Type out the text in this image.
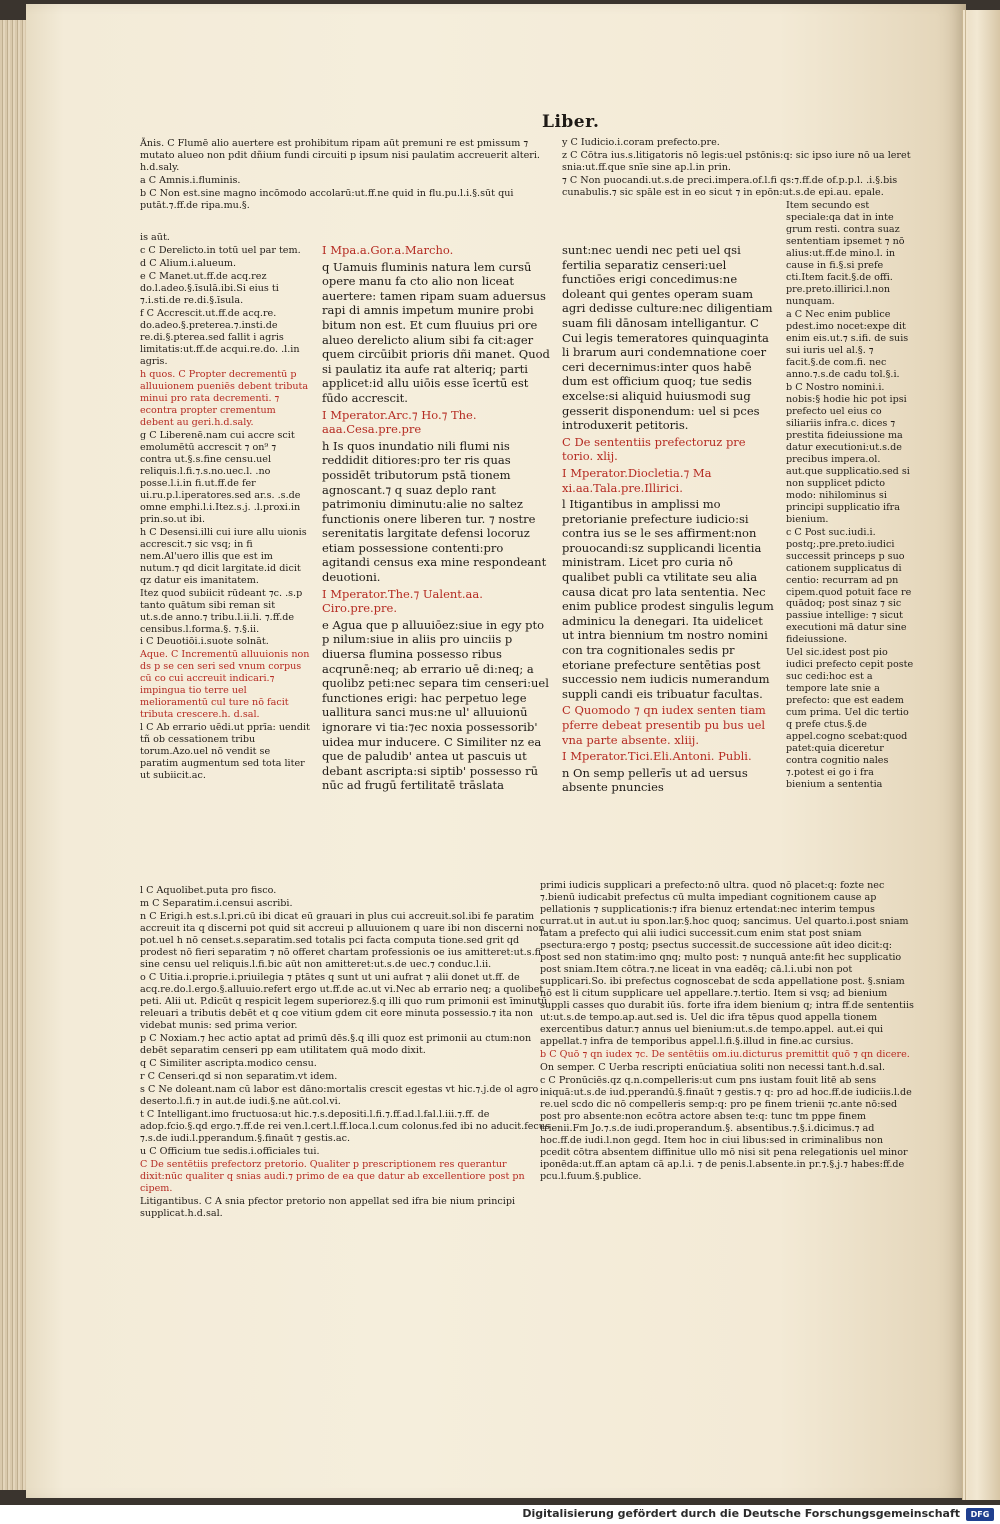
Liber.

Ãnis. C Flumē alio auertere est prohibitum ripam aūt premuni re est pmissum ⁊ mutato alueo non pdit dñium fundi circuiti p ipsum nisi paulatim accreuerit alteri. h.d.saly.

a C Amnis.i.fluminis.

b C Non est.sine magno incōmodo accolarū:ut.ff.ne quid in flu.pu.l.i.§.sūt qui putāt.⁊.ff.de ripa.mu.§.

y C Iudicio.i.coram prefecto.pre.

z C Cōtra ius.s.litigatoris nō legis:uel pstōnis:q: sic ipso iure nō ua leret snia:ut.ff.que snīe sine ap.l.in prin.

⁊ C Non puocandi.ut.s.de preci.impera.of.l.fi qs:⁊.ff.de of.p.p.l. .i.§.bis cunabulis.⁊ sic spāle est in eo sicut ⁊ in epōn:ut.s.de epi.au. epale.

is aūt.

c C Derelicto.in totū uel par tem.

d C Alium.i.alueum.

e C Manet.ut.ff.de acq.rez do.l.adeo.§.īsulā.ibi.Si eius ti ⁊.i.sti.de re.di.§.īsula.

f C Accrescit.ut.ff.de acq.re. do.adeo.§.preterea.⁊.insti.de re.di.§.pterea.sed fallit i agris limitatis:ut.ff.de acqui.re.do. .l.in agris.

h quos. C Propter decrementū p alluuionem pueniēs debent tributa minui pro rata decrementi. ⁊ econtra propter crementum debent au geri.h.d.saly.

g C Liberenē.nam cui accre scit emolumētū accrescit ⁊ on⁹ ⁊ contra ut.§.s.fine censu.uel reliquis.l.fi.⁊.s.no.uec.l. .no posse.l.i.in fi.ut.ff.de fer ui.ru.p.l.iperatores.sed ar.s. .s.de omne emphi.l.i.Itez.s.j. .l.proxi.in prin.so.ut ibi.

h C Desensi.illi cui iure allu uionis accrescit.⁊ sic vsq; in fi nem.Al'uero illis que est im nutum.⁊ qd dicit largitate.id dicit qz datur eis imanitatem.

Itez quod subiicit rūdeant ⁊c. .s.p tanto quātum sibi reman sit ut.s.de anno.⁊ tribu.l.ii.li. ⁊.ff.de censibus.l.forma.§. ⁊.§.ii.

i C Deuotiōi.i.suote solnāt.

Aque. C Incrementū alluuionis non ds p se cen seri sed vnum corpus cū co cui accreuit indicari.⁊ impingua tio terre uel melioramentū cul ture nō facit tributa crescere.h. d.sal.

l C Ab errario uēdi.ut pprīa: uendit tñ ob cessationem tribu torum.Azo.uel nō vendit se paratim augmentum sed tota liter ut subiicit.ac.

I Mpa.a.Gor.a.Marcho.

q Uamuis fluminis natura lem cursū opere manu fa cto alio non liceat auertere: tamen ripam suam aduersus rapi di amnis impetum munire probi bitum non est. Et cum fluuius pri ore alueo derelicto alium sibi fa cit:ager quem circūibit prioris dñi manet. Quod si paulatiz ita aufe rat alteriq; parti applicet:id allu uiōis esse īcertū est fūdo accrescit.

I Mperator.Arc.⁊ Ho.⁊ The. aaa.Cesa.pre.pre

h Is quos inundatio nili flumi nis reddidit ditiores:pro ter ris quas possidēt tributorum pstā tionem agnoscant.⁊ q suaz deplo rant patrimoniu diminutu:alie no saltez functionis onere liberen tur. ⁊ nostre serenitatis largitate defensi locoruz etiam possessione contenti:pro agitandi census exa mine respondeant deuotioni.

I Mperator.The.⁊ Ualent.aa. Ciro.pre.pre.

e Agua que p alluuiōez:siue in egy pto p nilum:siue in aliis pro uinciis p diuersa flumina possesso ribus acqrunē:neq; ab errario uē di:neq; a quolibz peti:nec separa tim censeri:uel functiones erigi: hac perpetuo lege uallitura sanci mus:ne ul' alluuionū ignorare vi tia:⁊ec noxia possessorib' uidea mur inducere. C Similiter nz ea que de paludib' antea ut pascuis ut debant ascripta:si siptib' possesso rū nūc ad frugū fertilitatē trāslata

sunt:nec uendi nec peti uel qsi fertilia separatiz censeri:uel functiōes erigi concedimus:ne doleant qui gentes operam suam agri dedisse culture:nec diligentiam suam fili dānosam intelligantur. C Cui legis temeratores quinquaginta li brarum auri condemnatione coer ceri decernimus:inter quos habē dum est officium quoq; tue sedis excelse:si aliquid huiusmodi sug gesserit disponendum: uel si pces introduxerit petitoris.

C De sententiis prefectoruz pre torio. xlij.

I Mperator.Diocletia.⁊ Ma xi.aa.Tala.pre.Illirici.

l Itigantibus in amplissi mo pretorianie prefecture iudicio:si contra ius se le ses affirment:non prouocandi:sz supplicandi licentia ministram. Licet pro curia nō qualibet publi ca vtilitate seu alia causa dicat pro lata sententia. Nec enim publice prodest singulis legum adminicu la denegari. Ita uidelicet ut intra biennium tm nostro nomini con tra cognitionales sedis pr etoriane prefecture sentētias post successio nem iudicis numerandum suppli candi eis tribuatur facultas.

C Quomodo ⁊ qn iudex senten tiam pferre debeat presentib pu bus uel vna parte absente. xliij.

I Mperator.Tici.Eli.Antoni. Publi.

n On semp pellerīs ut ad uersus absente pnuncies

Item secundo est speciale:qa dat in inte grum resti. contra suaz sententiam ipsemet ⁊ nō alius:ut.ff.de mino.l. in cause in fi.§.si prefe cti.Item facit.§.de offi. pre.preto.illirici.l.non nunquam.

a C Nec enim publice pdest.imo nocet:expe dit enim eis.ut.⁊ s.ifi. de suis sui iuris uel al.§. ⁊ facit.§.de com.fi. nec anno.⁊.s.de cadu tol.§.i.

b C Nostro nomini.i. nobis:§ hodie hic pot ipsi prefecto uel eius co siliariis infra.c. dices ⁊ prestita fideiussione ma datur executioni:ut.s.de precibus impera.ol. aut.que supplicatio.sed si non supplicet pdicto modo: nihilominus si principi supplicatio ifra bienium.

c C Post suc.iudi.i. postq;.pre.preto.iudici successit princeps p suo cationem supplicatus di centio: recurram ad pn cipem.quod potuit face re quādoq; post sinaz ⁊ sic passiue intellige: ⁊ sicut executioni mā datur sine fideiussione.

Uel sic.idest post pio iudici prefecto cepit poste suc cedi:hoc est a tempore late snie a prefecto: que est eadem cum prima. Uel dic tertio q prefe ctus.§.de appel.cogno scebat:quod patet:quia diceretur contra cognitio nales ⁊.potest ei go i fra bienium a sententia

l C Aquolibet.puta pro fisco.

m C Separatim.i.censui ascribi.

n C Erigi.h est.s.l.pri.cū ibi dicat eū grauari in plus cui accreuit.sol.ibi fe paratim accreuit ita q discerni pot quid sit accreui p alluuionem q uare ibi non discerni non pot.uel h nō censet.s.separatim.sed totalis pci facta computa tione.sed grit qd prodest nō fieri separatim ⁊ nō offeret chartam professionis oe ius amitteret:ut.s.fi sine censu uel reliquis.l.fi.bic aūt non amitteret:ut.s.de uec.⁊ conduc.l.ii.

o C Uitia.i.proprie.i.priuilegia ⁊ ptātes q sunt ut uni aufrat ⁊ alii donet ut.ff. de acq.re.do.l.ergo.§.alluuio.refert ergo ut.ff.de ac.ut vi.Nec ab errario neq; a quolibet peti. Alii ut. P.dicūt q respicit legem superiorez.§.q illi quo rum primonii est īminutū releuari a tributis debēt et q coe vitium gdem cit eore minuta possessio.⁊ ita non videbat munis: sed prima verior.

p C Noxiam.⁊ hec actio aptat ad primū dēs.§.q illi quoz est primonii au ctum:non debēt separatim censeri pp eam utilitatem quā modo dixit.

q C Similiter ascripta.modico censu.

r C Censeri.qd si non separatim.vt idem.

s C Ne doleant.nam cū labor est dāno:mortalis crescit egestas vt hic.⁊.j.de ol agro deserto.l.fi.⁊ in aut.de iudi.§.ne aūt.col.vi.

t C Intelligant.imo fructuosa:ut hic.⁊.s.depositi.l.fi.⁊.ff.ad.l.fal.l.iii.⁊.ff. de adop.fcio.§.qd ergo.⁊.ff.de rei ven.l.cert.l.ff.loca.l.cum colonus.fed ibi no aducit.fecus ⁊.s.de iudi.l.pperandum.§.finaūt ⁊ gestis.ac.

u C Officium tue sedis.i.officiales tui.

C De sentētiis prefectorz pretorio. Qualiter p prescriptionem res querantur dixit:nūc qualiter q snias audi.⁊ primo de ea que datur ab excellentiore post pn cipem.

Litigantibus. C A snia pfector pretorio non appellat sed ifra bie nium principi supplicat.h.d.sal.

primi iudicis supplicari a prefecto:nō ultra. quod nō placet:q: fozte nec ⁊.bienū iudicabit prefectus cū multa impediant cognitionem cause ap pellationis ⁊ supplicationis:⁊ ifra bienuz ertendat:nec interim tempus currat.ut in aut.ut iu spon.lar.§.hoc quoq; sancimus. Uel quarto.i.post sniam latam a prefecto qui alii iudici successit.cum enim stat post sniam psectura:ergo ⁊ postq; psectus successit.de successione aūt ideo dicit:q: post sed non statim:imo qnq; multo post: ⁊ nunquā ante:fit hec supplicatio post sniam.Item cōtra.⁊.ne liceat in vna eadēq; cā.l.i.ubi non pot supplicari.So. ibi prefectus cognoscebat de scda appellatione post. §.sniam nō est li citum supplicare uel appellare.⁊.tertio. Item si vsq; ad bienium suppli casses quo durabit iūs. forte ifra idem bienium q; intra ff.de sententiis ut:ut.s.de tempo.ap.aut.sed is. Uel dic ifra tēpus quod appella tionem exercentibus datur.⁊ annus uel bienium:ut.s.de tempo.appel. aut.ei qui appellat.⁊ infra de temporibus appel.l.fi.§.illud in fine.ac cursius.

b C Quō ⁊ qn iudex ⁊c. De sentētiis om.iu.dicturus premittit quō ⁊ qn dicere.

On semper. C Uerba rescripti enūciatiua soliti non necessi tant.h.d.sal.

c C Pronūciēs.qz q.n.compelleris:ut cum pns iustam fouit litē ab sens iniquā:ut.s.de iud.pperandū.§.finaūt ⁊ gestis.⁊ q: pro ad hoc.ff.de iudiciis.l.de re.uel scdo dic nō compelleris semp:q: pro pe finem trienii ⁊c.ante nō:sed post pro absente:non ecōtra actore absen te:q: tunc tm pppe finem trienii.Fm Jo.⁊.s.de iudi.properandum.§. absentibus.⁊.§.i.dicimus.⁊ ad hoc.ff.de iudi.l.non gegd. Item hoc in ciui libus:sed in criminalibus non pcedit cōtra absentem diffinitue ullo mō nisi sit pena relegationis uel minor iponēda:ut.ff.an aptam cā ap.l.i. ⁊ de penis.l.absente.in pr.⁊.§.j.⁊ habes:ff.de pcu.l.fuum.§.publice.

Digitalisierung gefördert durch die Deutsche Forschungsgemeinschaft	DFG
